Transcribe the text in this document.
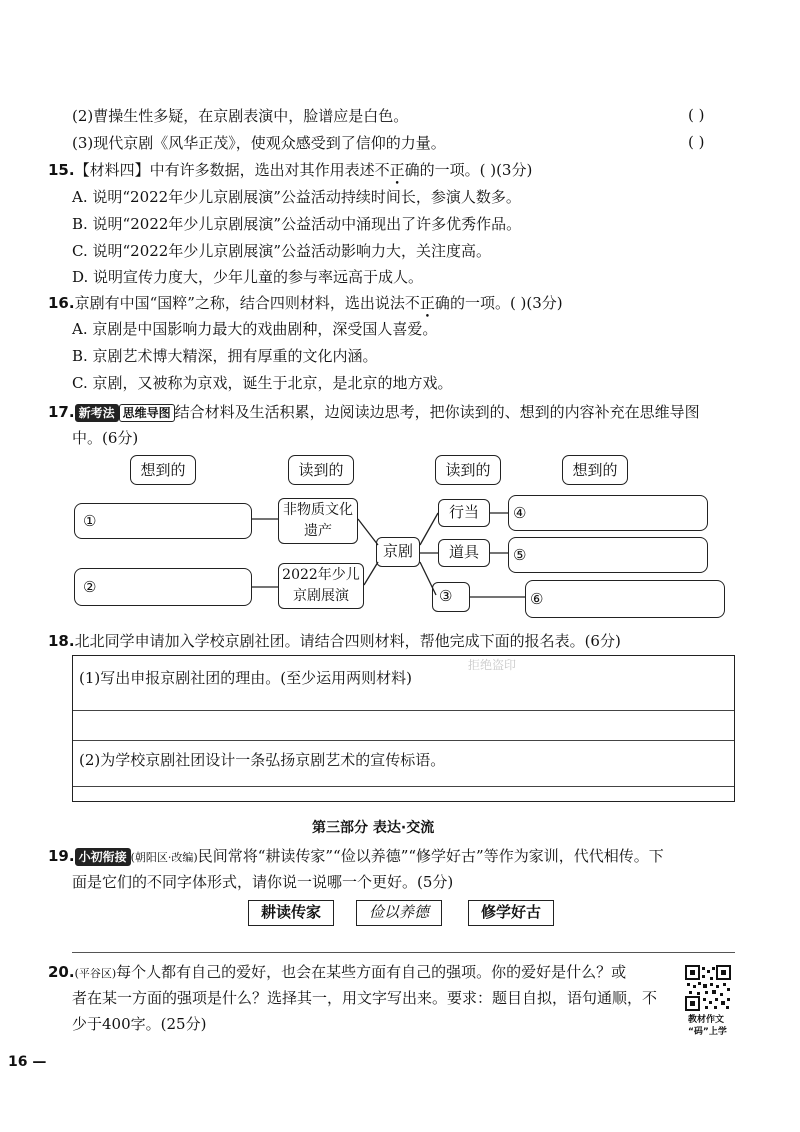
(2)曹操生性多疑，在京剧表演中，脸谱应是白色。	( )
(3)现代京剧《风华正茂》，使观众感受到了信仰的力量。	( )
15.【材料四】中有许多数据，选出对其作用表述不正确的一项。( )(3分)
A. 说明“2022年少儿京剧展演”公益活动持续时间长，参演人数多。
B. 说明“2022年少儿京剧展演”公益活动中涌现出了许多优秀作品。
C. 说明“2022年少儿京剧展演”公益活动影响力大，关注度高。
D. 说明宣传力度大，少年儿童的参与率远高于成人。
16.京剧有中国“国粹”之称，结合四则材料，选出说法不正确的一项。( )(3分)
A. 京剧是中国影响力最大的戏曲剧种，深受国人喜爱。
B. 京剧艺术博大精深，拥有厚重的文化内涵。
C. 京剧，又被称为京戏，诞生于北京，是北京的地方戏。
17. 新考法 思维导图 结合材料及生活积累，边阅读边思考，把你读到的、想到的内容补充在思维导图
中。(6分)
想到的	读到的	读到的	想到的
①
②
非物质文化遗产
2022年少儿京剧展演
京剧
行当
道具
③
④
⑤
⑥
拒绝盗印
18.北北同学申请加入学校京剧社团。请结合四则材料，帮他完成下面的报名表。(6分)
(1)写出申报京剧社团的理由。(至少运用两则材料)
(2)为学校京剧社团设计一条弘扬京剧艺术的宣传标语。
第三部分 表达·交流
19. 小初衔接 (朝阳区·改编)民间常将“耕读传家”“俭以养德”“修学好古”等作为家训，代代相传。下
面是它们的不同字体形式，请你说一说哪一个更好。(5分)
耕读传家	俭以养德	修学好古
20.(平谷区)每个人都有自己的爱好，也会在某些方面有自己的强项。你的爱好是什么？或
者在某一方面的强项是什么？选择其一，用文字写出来。要求：题目自拟，语句通顺，不
少于400字。(25分)	教材作文
“码”上学
16 —
